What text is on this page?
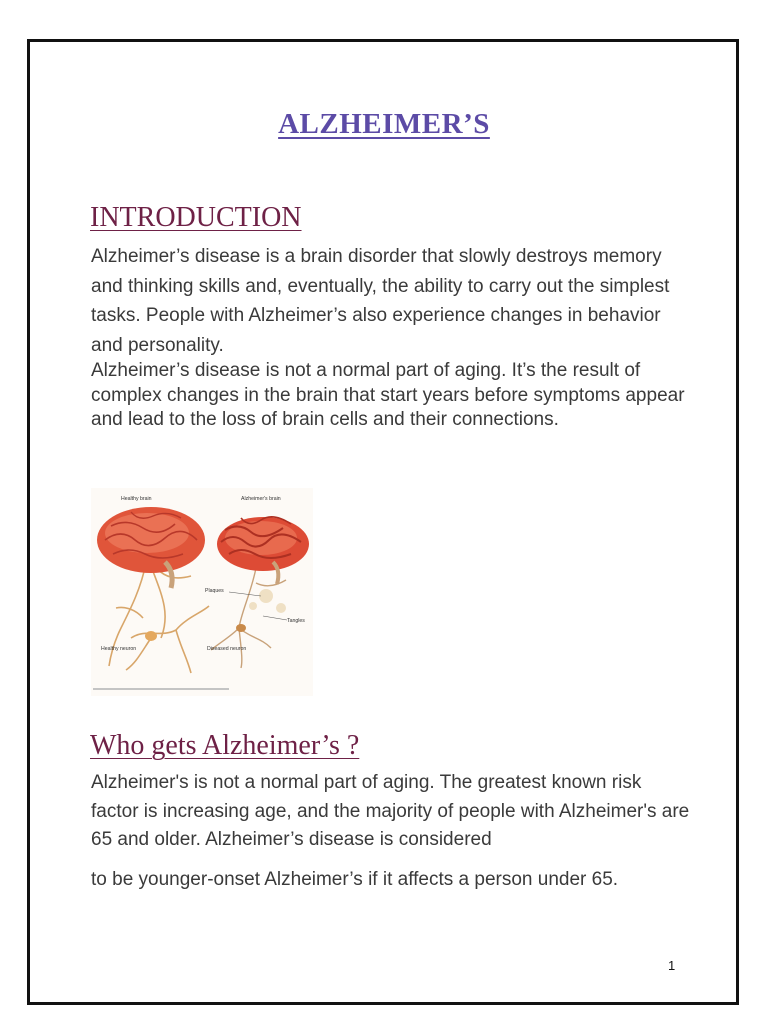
ALZHEIMER’S
INTRODUCTION

Alzheimer’s disease is a brain disorder that slowly destroys memory and thinking skills and, eventually, the ability to carry out the simplest tasks. People with Alzheimer’s also experience changes in behavior and personality.

Alzheimer’s disease is not a normal part of aging. It’s the result of complex changes in the brain that start years before symptoms appear and lead to the loss of brain cells and their connections.

Healthy brain	Alzheimer's brain
Plaques
Tangles
Healthy neuron	Diseased neuron
Who gets Alzheimer’s ?

Alzheimer's is not a normal part of aging. The greatest known risk factor is increasing age, and the majority of people with Alzheimer's are 65 and older. Alzheimer’s disease is considered

to be younger-onset Alzheimer’s if it affects a person under 65.

1
